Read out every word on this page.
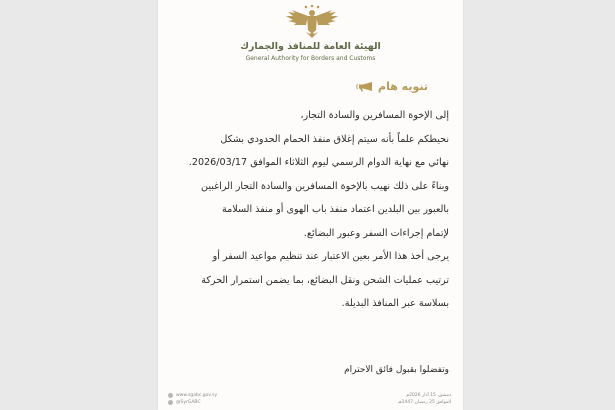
الهيئة العامة للمنافذ والجمارك

General Authority for Borders and Customs

تنويه هام

إلى الإخوة المسافرين والسادة التجار،

نحيطكم علماً بأنه سيتم إغلاق منفذ الحمام الحدودي بشكل

نهائي مع نهاية الدوام الرسمي ليوم الثلاثاء الموافق 2026/03/17.

وبناءً على ذلك نهيب بالإخوة المسافرين والسادة التجار الراغبين

بالعبور بين البلدين اعتماد منفذ باب الهوى أو منفذ السلامة

لإتمام إجراءات السفر وعبور البضائع.

يرجى أخذ هذا الأمر بعين الاعتبار عند تنظيم مواعيد السفر أو

ترتيب عمليات الشحن ونقل البضائع، بما يضمن استمرار الحركة

بسلاسة عبر المنافذ البديلة.

وتفضلوا بقبول فائق الاحترام

www.sgabc.gov.sy
@SyrGABC
دمشق، 15 آذار 2026م
الموافق 25 رمضان 1447هـ
